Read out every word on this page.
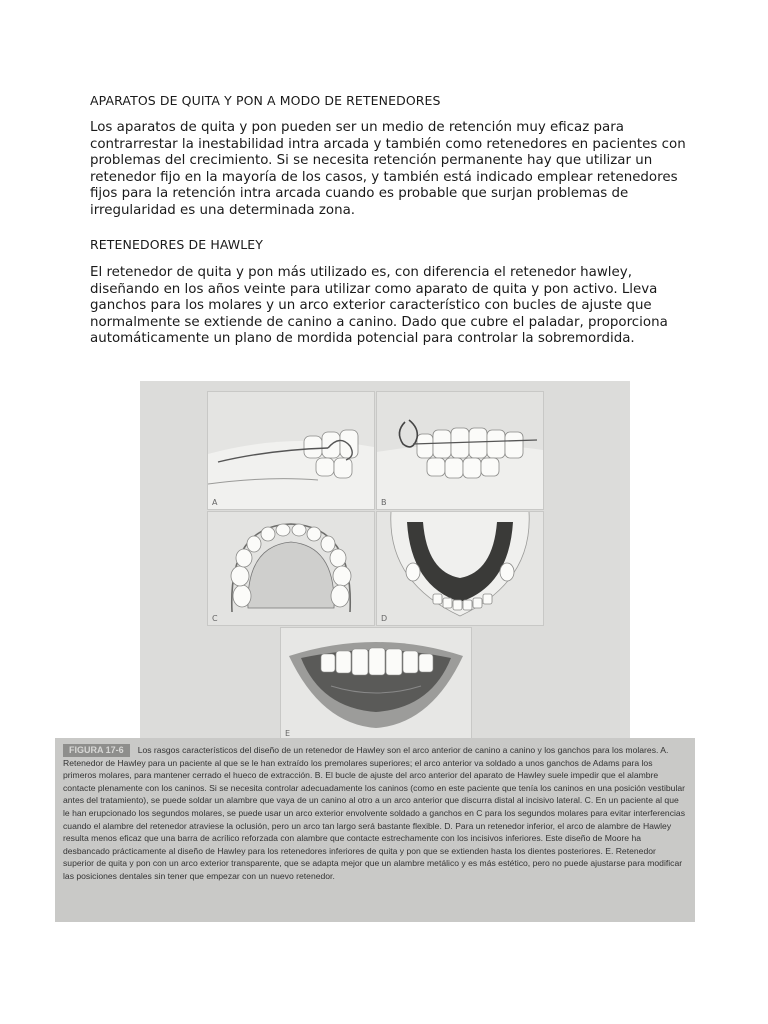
APARATOS DE QUITA Y PON A MODO DE RETENEDORES

Los aparatos de quita y pon pueden ser un medio de retención muy eficaz para contrarrestar la inestabilidad intra arcada y también como retenedores en pacientes con problemas del crecimiento. Si se necesita retención permanente hay que utilizar un retenedor fijo en la mayoría de los casos, y también está indicado emplear retenedores fijos para la retención intra arcada cuando es probable que surjan problemas de irregularidad es una determinada zona.

RETENEDORES DE HAWLEY

El retenedor de quita y pon más utilizado es, con diferencia el retenedor hawley, diseñando en los años veinte para utilizar como aparato de quita y pon activo. Lleva ganchos para los molares y un arco exterior característico con bucles de ajuste que normalmente se extiende de canino a canino. Dado que cubre el paladar, proporciona automáticamente un plano de mordida potencial para controlar la sobremordida.

A	B
C	D
E
FIGURA 17-6 Los rasgos característicos del diseño de un retenedor de Hawley son el arco anterior de canino a canino y los ganchos para los molares. A. Retenedor de Hawley para un paciente al que se le han extraído los premolares superiores; el arco anterior va soldado a unos ganchos de Adams para los primeros molares, para mantener cerrado el hueco de extracción. B. El bucle de ajuste del arco anterior del aparato de Hawley suele impedir que el alambre contacte plenamente con los caninos. Si se necesita controlar adecuadamente los caninos (como en este paciente que tenía los caninos en una posición vestibular antes del tratamiento), se puede soldar un alambre que vaya de un canino al otro a un arco anterior que discurra distal al incisivo lateral. C. En un paciente al que le han erupcionado los segundos molares, se puede usar un arco exterior envolvente soldado a ganchos en C para los segundos molares para evitar interferencias cuando el alambre del retenedor atraviese la oclusión, pero un arco tan largo será bastante flexible. D. Para un retenedor inferior, el arco de alambre de Hawley resulta menos eficaz que una barra de acrílico reforzada con alambre que contacte estrechamente con los incisivos inferiores. Este diseño de Moore ha desbancado prácticamente al diseño de Hawley para los retenedores inferiores de quita y pon que se extienden hasta los dientes posteriores. E. Retenedor superior de quita y pon con un arco exterior transparente, que se adapta mejor que un alambre metálico y es más estético, pero no puede ajustarse para modificar las posiciones dentales sin tener que empezar con un nuevo retenedor.
